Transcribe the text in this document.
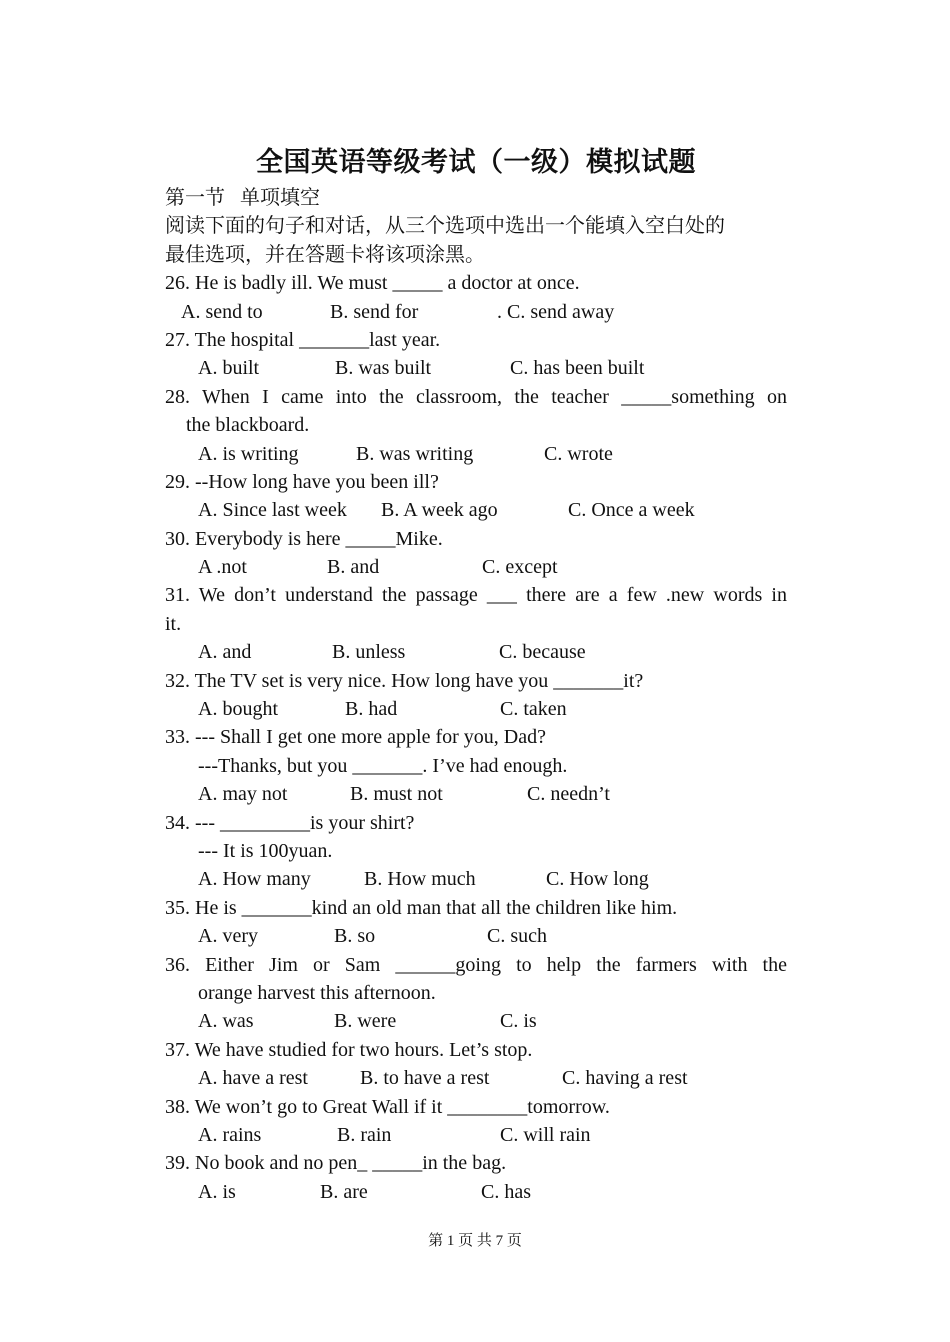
全国英语等级考试（一级）模拟试题
第一节   单项填空
阅读下面的句子和对话，从三个选项中选出一个能填入空白处的
最佳选项，并在答题卡将该项涂黑。
26. He is badly ill. We must _____ a doctor at once.

A. send to

	B. send for

	. C. send away

27. The hospital _______last year.

A. built

	B. was built

	C. has been built

28. When I came into the classroom, the teacher _____something on
the blackboard.

A. is writing

	B. was writing

	C. wrote

29. --How long have you been ill?

A. Since last week

B. A week ago

	C. Once a week

30. Everybody is here _____Mike.

A .not

	B. and

	C. except

31. We don’t understand the passage ___ there are a few .new words in
it.

A. and

	B. unless

	C. because

32. The TV set is very nice. How long have you _______it?

A. bought

	B. had

	C. taken

33. --- Shall I get one more apple for you, Dad?
---Thanks, but you _______. I’ve had enough.

A. may not

	B. must not

	C. needn’t

34. --- _________is your shirt?
--- It is 100yuan.

A. How many

	B. How much

	C. How long

35. He is _______kind an old man that all the children like him.

A. very

	B. so

	C. such

36. Either Jim or Sam ______going to help the farmers with the
orange harvest this afternoon.

A. was

	B. were

	C. is

37. We have studied for two hours. Let’s stop.

A. have a rest

	B. to have a rest

	C. having a rest

38. We won’t go to Great Wall if it ________tomorrow.

A. rains

	B. rain

	C. will rain

39. No book and no pen_ _____in the bag.

A. is

	B. are

	C. has

第 1 页 共 7 页
